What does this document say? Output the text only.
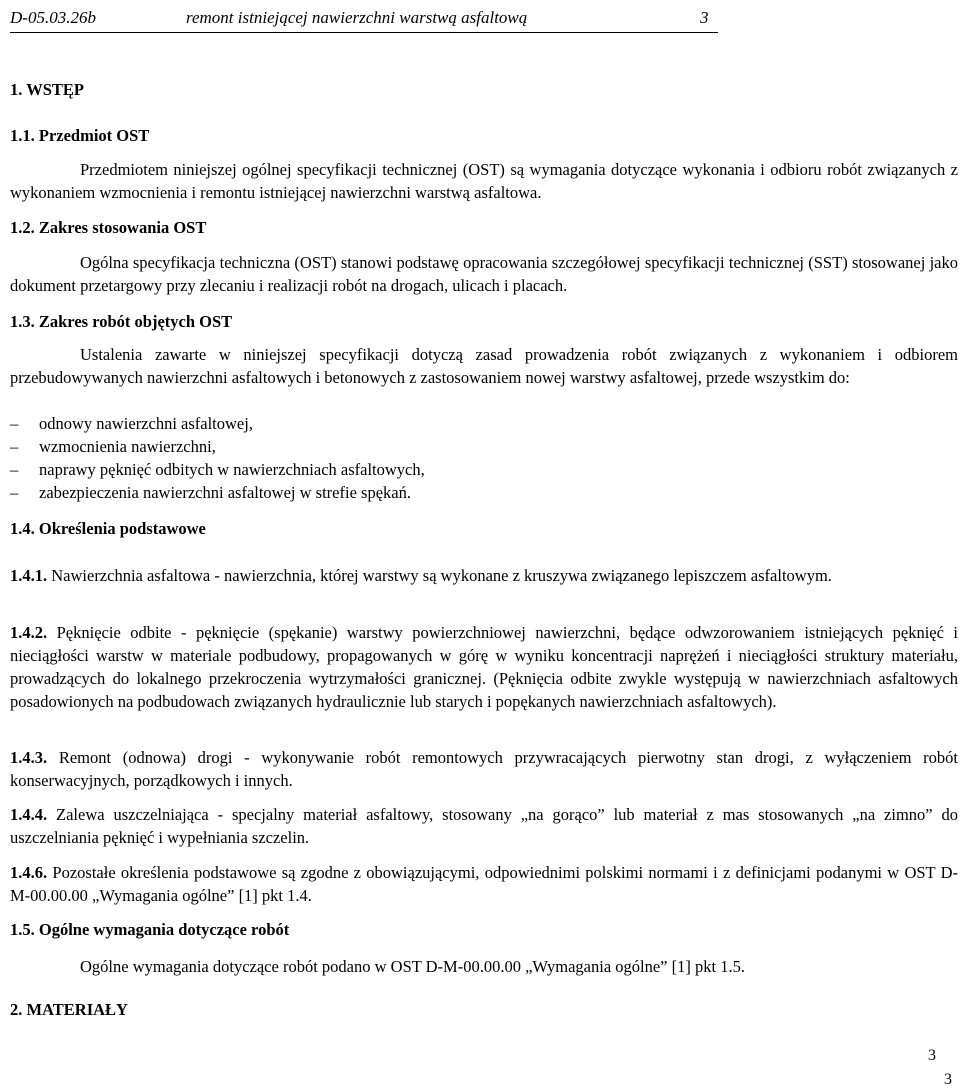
D-05.03.26b	remont istniejącej nawierzchni warstwą asfaltową	3
1. WSTĘP
1.1. Przedmiot OST
Przedmiotem niniejszej ogólnej specyfikacji technicznej (OST) są wymagania dotyczące wykonania i odbioru robót związanych z wykonaniem wzmocnienia i remontu istniejącej nawierzchni warstwą asfaltowa.
1.2. Zakres stosowania OST
Ogólna specyfikacja techniczna (OST) stanowi podstawę opracowania szczegółowej specyfikacji technicznej (SST) stosowanej jako dokument przetargowy przy zlecaniu i realizacji robót na drogach, ulicach i placach.
1.3. Zakres robót objętych OST
Ustalenia zawarte w niniejszej specyfikacji dotyczą zasad prowadzenia robót związanych z wykonaniem i odbiorem przebudowywanych nawierzchni asfaltowych i betonowych z zastosowaniem nowej warstwy asfaltowej, przede wszystkim do:
– odnowy nawierzchni asfaltowej,
– wzmocnienia nawierzchni,
– naprawy pęknięć odbitych w nawierzchniach asfaltowych,
– zabezpieczenia nawierzchni asfaltowej w strefie spękań.
1.4. Określenia podstawowe
1.4.1. Nawierzchnia asfaltowa - nawierzchnia, której warstwy są wykonane z kruszywa związanego lepiszczem asfaltowym.
1.4.2. Pęknięcie odbite - pęknięcie (spękanie) warstwy powierzchniowej nawierzchni, będące odwzorowaniem istniejących pęknięć i nieciągłości warstw w materiale podbudowy, propagowanych w górę w wyniku koncentracji naprężeń i nieciągłości struktury materiału, prowadzących do lokalnego przekroczenia wytrzymałości granicznej. (Pęknięcia odbite zwykle występują w nawierzchniach asfaltowych posadowionych na podbudowach związanych hydraulicznie lub starych i popękanych nawierzchniach asfaltowych).
1.4.3. Remont (odnowa) drogi - wykonywanie robót remontowych przywracających pierwotny stan drogi, z wyłączeniem robót konserwacyjnych, porządkowych i innych.
1.4.4. Zalewa uszczelniająca - specjalny materiał asfaltowy, stosowany „na gorąco” lub materiał z mas stosowanych „na zimno” do uszczelniania pęknięć i wypełniania szczelin.
1.4.6. Pozostałe określenia podstawowe są zgodne z obowiązującymi, odpowiednimi polskimi normami i z definicjami podanymi w OST D-M-00.00.00 „Wymagania ogólne” [1] pkt 1.4.
1.5. Ogólne wymagania dotyczące robót
Ogólne wymagania dotyczące robót podano w OST D-M-00.00.00 „Wymagania ogólne” [1] pkt 1.5.
2. MATERIAŁY
3
3
